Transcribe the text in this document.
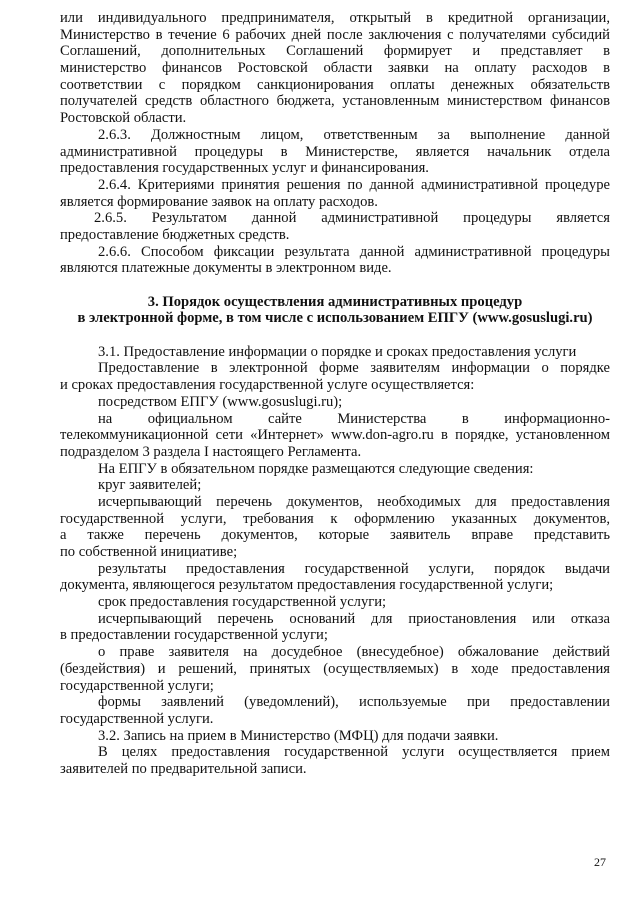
или индивидуального предпринимателя, открытый в кредитной организации,

Министерство в течение 6 рабочих дней после заключения с получателями субсидий

Соглашений, дополнительных Соглашений формирует и представляет в

министерство финансов Ростовской области заявки на оплату расходов в

соответствии с порядком санкционирования оплаты денежных обязательств

получателей средств областного бюджета, установленным министерством финансов

Ростовской области.

2.6.3. Должностным лицом, ответственным за выполнение данной

административной процедуры в Министерстве, является начальник отдела

предоставления государственных услуг и финансирования.

2.6.4. Критериями принятия решения по данной административной процедуре

является формирование заявок на оплату расходов.

2.6.5. Результатом данной административной процедуры является

предоставление бюджетных средств.

2.6.6. Способом фиксации результата данной административной процедуры

являются платежные документы в электронном виде.

3. Порядок осуществления административных процедур

в электронной форме, в том числе с использованием ЕПГУ (www.gosuslugi.ru)

3.1. Предоставление информации о порядке и сроках предоставления услуги

Предоставление в электронной форме заявителям информации о порядке

и сроках предоставления государственной услуге осуществляется:

посредством ЕПГУ (www.gosuslugi.ru);

на официальном сайте Министерства в информационно-

телекоммуникационной сети «Интернет» www.don-agro.ru в порядке, установленном

подразделом 3 раздела I настоящего Регламента.

На ЕПГУ в обязательном порядке размещаются следующие сведения:

круг заявителей;

исчерпывающий перечень документов, необходимых для предоставления

государственной услуги, требования к оформлению указанных документов,

а также перечень документов, которые заявитель вправе представить

по собственной инициативе;

результаты предоставления государственной услуги, порядок выдачи

документа, являющегося результатом предоставления государственной услуги;

срок предоставления государственной услуги;

исчерпывающий перечень оснований для приостановления или отказа

в предоставлении государственной услуги;

о праве заявителя на досудебное (внесудебное) обжалование действий

(бездействия) и решений, принятых (осуществляемых) в ходе предоставления

государственной услуги;

формы заявлений (уведомлений), используемые при предоставлении

государственной услуги.

3.2. Запись на прием в Министерство (МФЦ) для подачи заявки.

В целях предоставления государственной услуги осуществляется прием

заявителей по предварительной записи.

27
